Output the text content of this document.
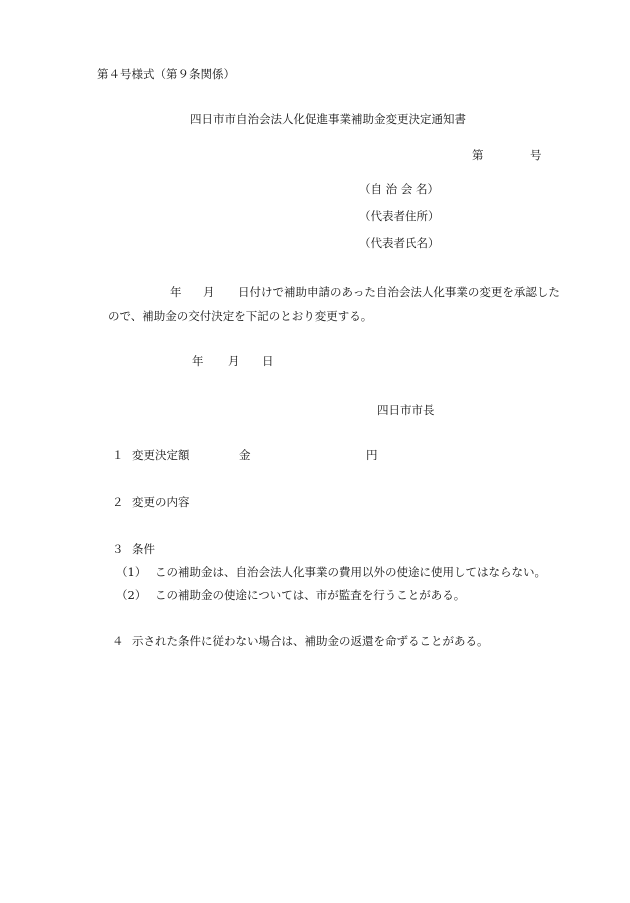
第４号様式（第９条関係）
四日市市自治会法人化促進事業補助金変更決定通知書
第	号
（自 治 会 名）
（代表者住所）
（代表者氏名）
年 月 日付けで補助申請のあった自治会法人化事業の変更を承認した
ので、補助金の交付決定を下記のとおり変更する。
年 月 日
四日市市長
１ 変更決定額	金	円
２ 変更の内容
３ 条件
（1） この補助金は、自治会法人化事業の費用以外の使途に使用してはならない。
（2） この補助金の使途については、市が監査を行うことがある。
４ 示された条件に従わない場合は、補助金の返還を命ずることがある。
